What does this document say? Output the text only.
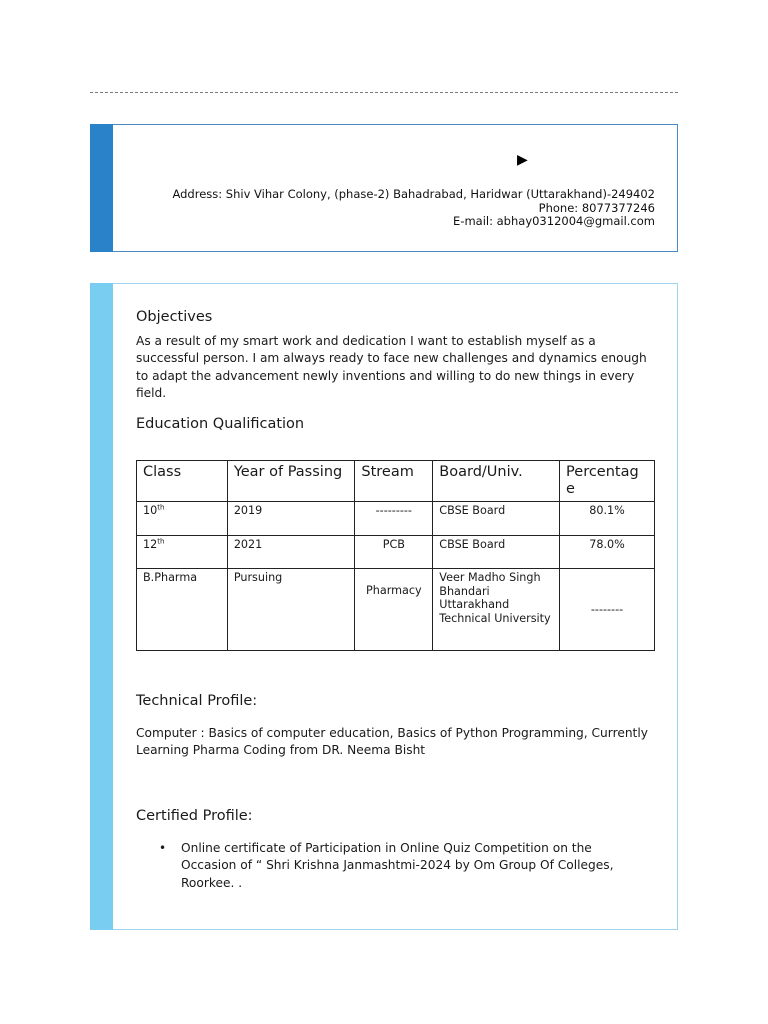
▶
Address: Shiv Vihar Colony, (phase-2) Bahadrabad, Haridwar (Uttarakhand)-249402
Phone: 8077377246
E-mail: abhay0312004@gmail.com
Objectives
As a result of my smart work and dedication I want to establish myself as a successful person. I am always ready to face new challenges and dynamics enough to adapt the advancement newly inventions and willing to do new things in every field.
Education Qualification
Class	Year of Passing	Stream	Board/Univ.	Percentag e
10th	2019	---------	CBSE Board	80.1%
12th	2021	PCB	CBSE Board	78.0%
B.Pharma	Pursuing	Pharmacy	Veer Madho Singh Bhandari Uttarakhand Technical University	--------
Technical Profile:
Computer : Basics of computer education, Basics of Python Programming, Currently Learning Pharma Coding from DR. Neema Bisht
Certified Profile:
• Online certificate of Participation in Online Quiz Competition on the Occasion of “ Shri Krishna Janmashtmi-2024 by Om Group Of Colleges, Roorkee. .
